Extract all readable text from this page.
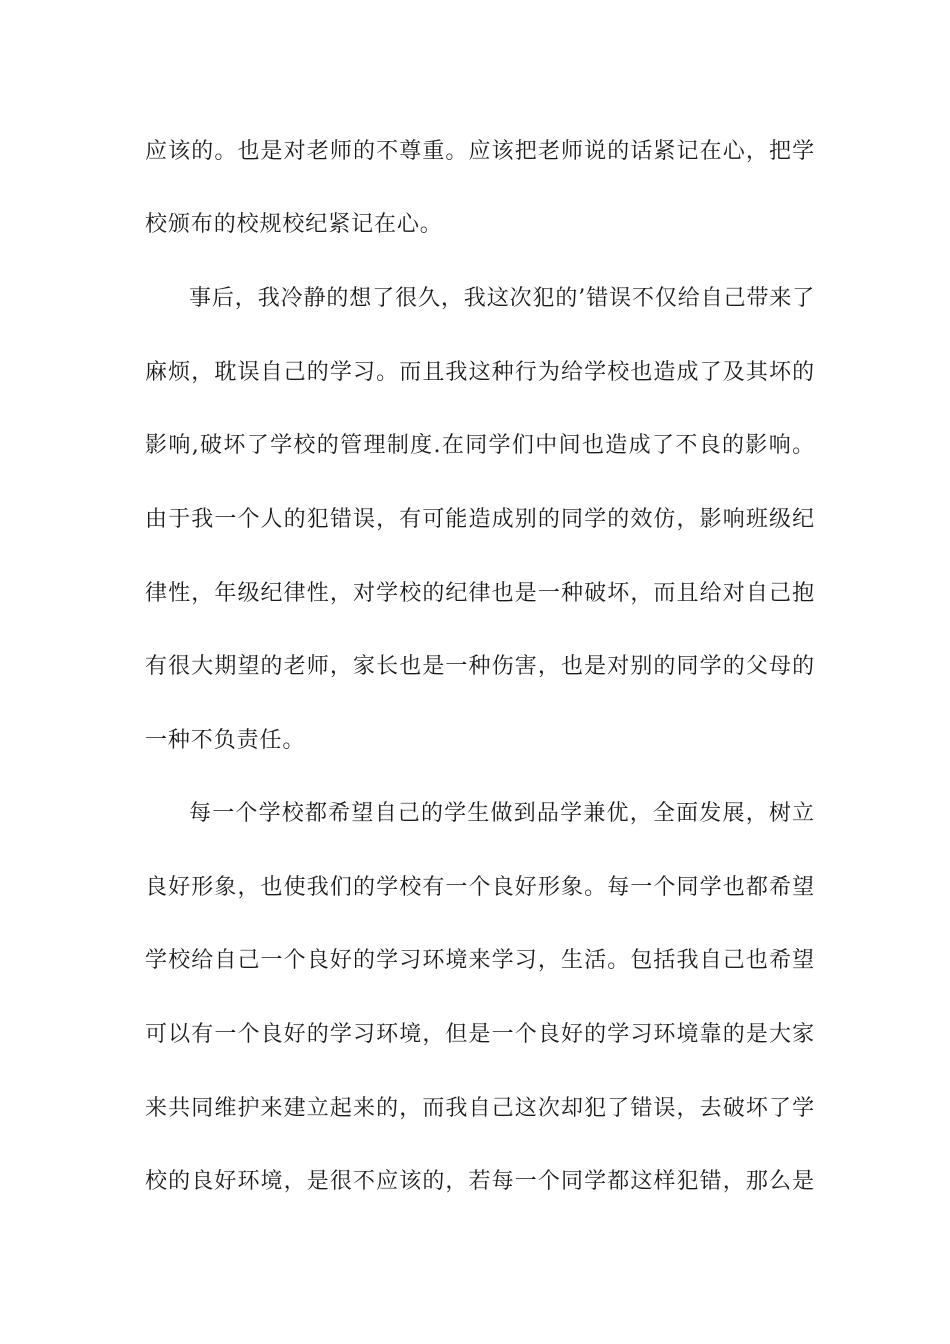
应该的。也是对老师的不尊重。应该把老师说的话紧记在心，把学
校颁布的校规校纪紧记在心。
事后，我冷静的想了很久，我这次犯的’错误不仅给自己带来了
麻烦，耽误自己的学习。而且我这种行为给学校也造成了及其坏的
影响,破坏了学校的管理制度.在同学们中间也造成了不良的影响。
由于我一个人的犯错误，有可能造成别的同学的效仿，影响班级纪
律性，年级纪律性，对学校的纪律也是一种破坏，而且给对自己抱
有很大期望的老师，家长也是一种伤害，也是对别的同学的父母的
一种不负责任。
每一个学校都希望自己的学生做到品学兼优，全面发展，树立
良好形象，也使我们的学校有一个良好形象。每一个同学也都希望
学校给自己一个良好的学习环境来学习，生活。包括我自己也希望
可以有一个良好的学习环境，但是一个良好的学习环境靠的是大家
来共同维护来建立起来的，而我自己这次却犯了错误，去破坏了学
校的良好环境，是很不应该的，若每一个同学都这样犯错，那么是
